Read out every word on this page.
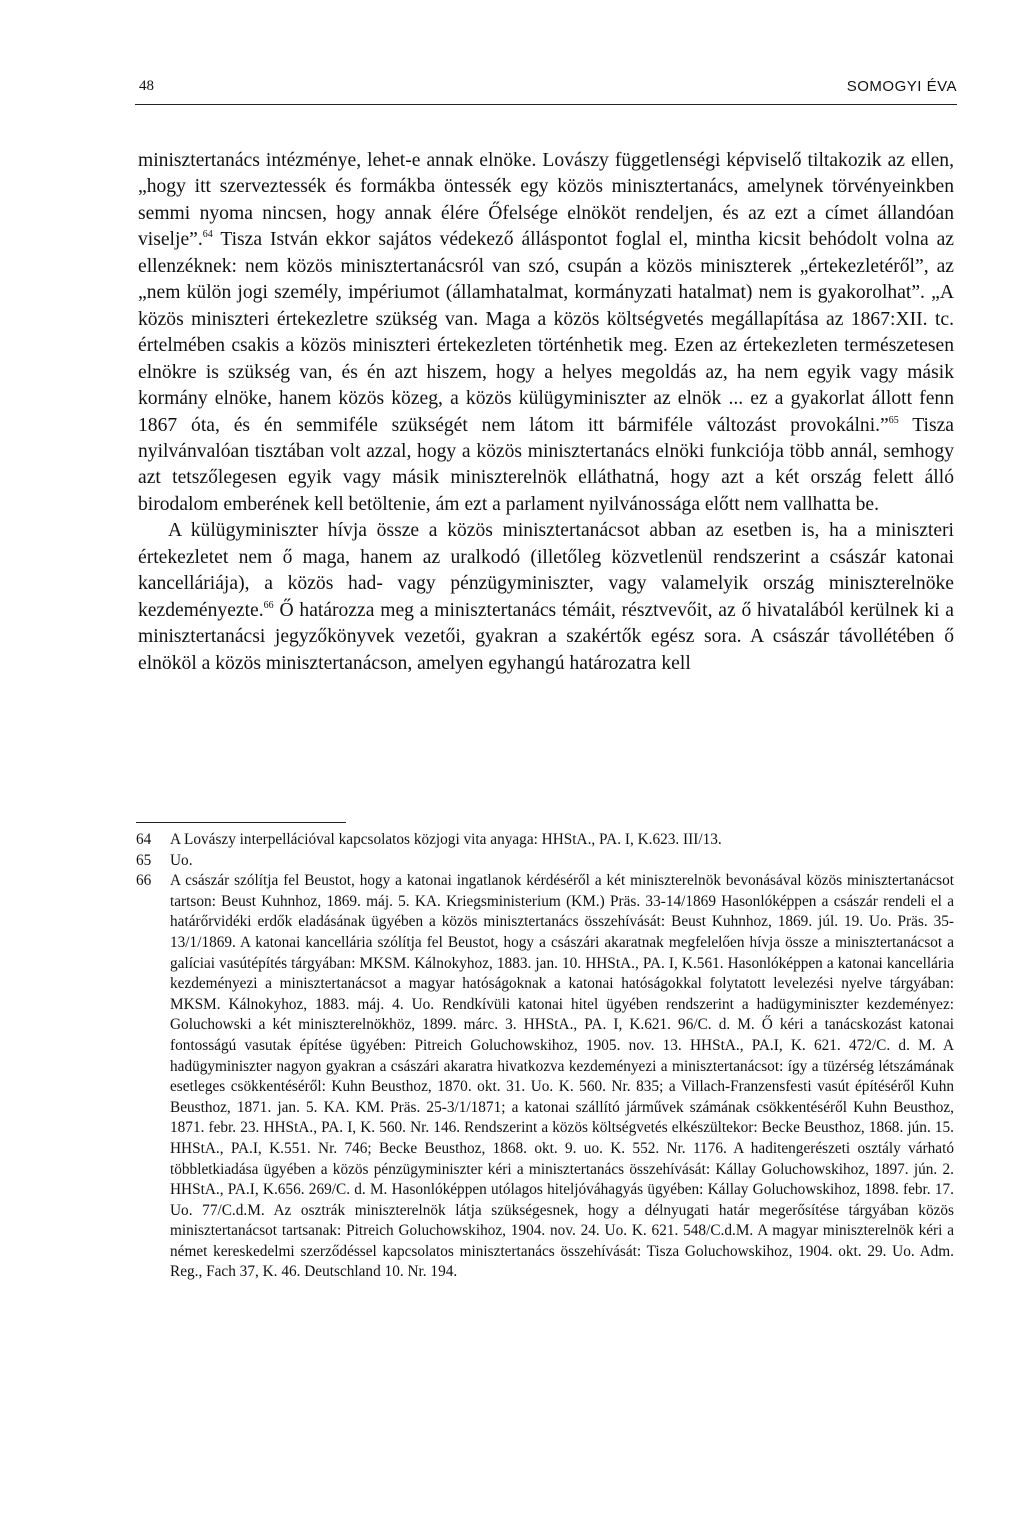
48	SOMOGYI ÉVA

minisztertanács intézménye, lehet-e annak elnöke. Lovászy függetlenségi képviselő tiltakozik az ellen, „hogy itt szerveztessék és formákba öntessék egy közös minisztertanács, amelynek törvényeinkben semmi nyoma nincsen, hogy annak élére Őfelsége elnököt rendeljen, és az ezt a címet állandóan viselje”.$^{64}$ Tisza István ekkor sajátos védekező álláspontot foglal el, mintha kicsit behódolt volna az ellenzéknek: nem közös minisztertanácsról van szó, csupán a közös miniszterek „értekezletéről”, az „nem külön jogi személy, impériumot (államhatalmat, kormányzati hatalmat) nem is gyakorolhat”. „A közös miniszteri értekezletre szükség van. Maga a közös költségvetés megállapítása az 1867:XII. tc. értelmében csakis a közös miniszteri értekezleten történhetik meg. Ezen az értekezleten természetesen elnökre is szükség van, és én azt hiszem, hogy a helyes megoldás az, ha nem egyik vagy másik kormány elnöke, hanem közös közeg, a közös külügyminiszter az elnök ... ez a gyakorlat állott fenn 1867 óta, és én semmiféle szükségét nem látom itt bármiféle változást provokálni.”$^{65}$ Tisza nyilvánvalóan tisztában volt azzal, hogy a közös minisztertanács elnöki funkciója több annál, semhogy azt tetszőlegesen egyik vagy másik miniszterelnök elláthatná, hogy azt a két ország felett álló birodalom emberének kell betöltenie, ám ezt a parlament nyilvánossága előtt nem vallhatta be.

A külügyminiszter hívja össze a közös minisztertanácsot abban az esetben is, ha a miniszteri értekezletet nem ő maga, hanem az uralkodó (illetőleg közvetlenül rendszerint a császár katonai kancelláriája), a közös had- vagy pénzügyminiszter, vagy valamelyik ország miniszterelnöke kezdeményezte.$^{66}$ Ő határozza meg a minisztertanács témáit, résztvevőit, az ő hivatalából kerülnek ki a minisztertanácsi jegyzőkönyvek vezetői, gyakran a szakértők egész sora. A császár távollétében ő elnököl a közös minisztertanácson, amelyen egyhangú határozatra kell

64 A Lovászy interpellációval kapcsolatos közjogi vita anyaga: HHStA., PA. I, K.623. III/13.
65 Uo.
66 A császár szólítja fel Beustot, hogy a katonai ingatlanok kérdéséről a két miniszterelnök bevonásával közös minisztertanácsot tartson: Beust Kuhnhoz, 1869. máj. 5. KA. Kriegsministerium (KM.) Präs. 33-14/1869 Hasonlóképpen a császár rendeli el a határőrvidéki erdők eladásának ügyében a közös minisztertanács összehívását: Beust Kuhnhoz, 1869. júl. 19. Uo. Präs. 35-13/1/1869. A katonai kancellária szólítja fel Beustot, hogy a császári akaratnak megfelelően hívja össze a minisztertanácsot a galíciai vasútépítés tárgyában: MKSM. Kálnokyhoz, 1883. jan. 10. HHStA., PA. I, K.561. Hasonlóképpen a katonai kancellária kezdeményezi a minisztertanácsot a magyar hatóságoknak a katonai hatóságokkal folytatott levelezési nyelve tárgyában: MKSM. Kálnokyhoz, 1883. máj. 4. Uo. Rendkívüli katonai hitel ügyében rendszerint a hadügyminiszter kezdeményez: Goluchowski a két miniszterelnökhöz, 1899. márc. 3. HHStA., PA. I, K.621. 96/C. d. M. Ő kéri a tanácskozást katonai fontosságú vasutak építése ügyében: Pitreich Goluchowskihoz, 1905. nov. 13. HHStA., PA.I, K. 621. 472/C. d. M. A hadügyminiszter nagyon gyakran a császári akaratra hivatkozva kezdeményezi a minisztertanácsot: így a tüzérség létszámának esetleges csökkentéséről: Kuhn Beusthoz, 1870. okt. 31. Uo. K. 560. Nr. 835; a Villach-Franzensfesti vasút építéséről Kuhn Beusthoz, 1871. jan. 5. KA. KM. Präs. 25-3/1/1871; a katonai szállító járművek számának csökkentéséről Kuhn Beusthoz, 1871. febr. 23. HHStA., PA. I, K. 560. Nr. 146. Rendszerint a közös költségvetés elkészültekor: Becke Beusthoz, 1868. jún. 15. HHStA., PA.I, K.551. Nr. 746; Becke Beusthoz, 1868. okt. 9. uo. K. 552. Nr. 1176. A haditengerészeti osztály várható többletkiadása ügyében a közös pénzügyminiszter kéri a minisztertanács összehívását: Kállay Goluchowskihoz, 1897. jún. 2. HHStA., PA.I, K.656. 269/C. d. M. Hasonlóképpen utólagos hiteljóváhagyás ügyében: Kállay Goluchowskihoz, 1898. febr. 17. Uo. 77/C.d.M. Az osztrák miniszterelnök látja szükségesnek, hogy a délnyugati határ megerősítése tárgyában közös minisztertanácsot tartsanak: Pitreich Goluchowskihoz, 1904. nov. 24. Uo. K. 621. 548/C.d.M. A magyar miniszterelnök kéri a német kereskedelmi szerződéssel kapcsolatos minisztertanács összehívását: Tisza Goluchowskihoz, 1904. okt. 29. Uo. Adm. Reg., Fach 37, K. 46. Deutschland 10. Nr. 194.
